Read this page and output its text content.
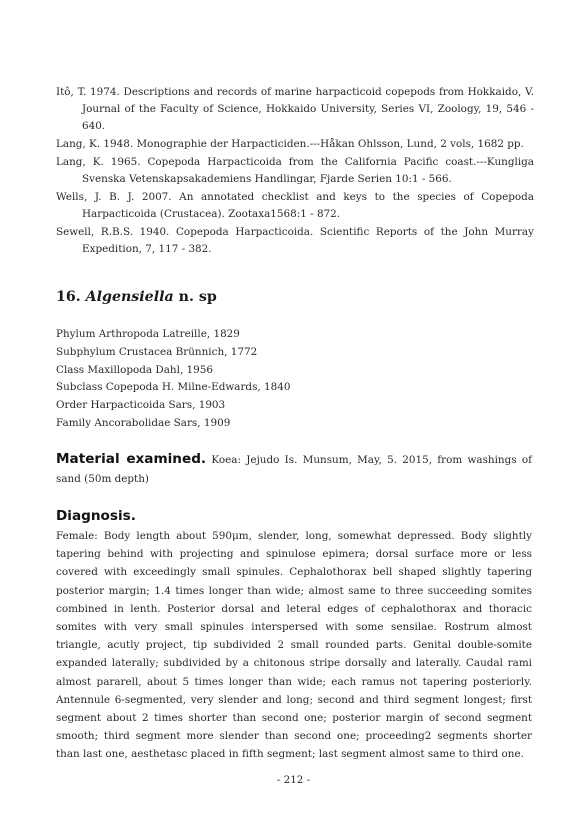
Itô, T. 1974. Descriptions and records of marine harpacticoid copepods from Hokkaido, V. Journal of the Faculty of Science, Hokkaido University, Series VI, Zoology, 19, 546 - 640.

Lang, K. 1948. Monographie der Harpacticiden.---Håkan Ohlsson, Lund, 2 vols, 1682 pp.

Lang, K. 1965. Copepoda Harpacticoida from the California Pacific coast.---Kungliga Svenska Vetenskapsakademiens Handlingar, Fjarde Serien 10:1 - 566.

Wells, J. B. J. 2007. An annotated checklist and keys to the species of Copepoda Harpacticoida (Crustacea). Zootaxa1568:1 - 872.

Sewell, R.B.S. 1940. Copepoda Harpacticoida. Scientific Reports of the John Murray Expedition, 7, 117 - 382.

16. Algensiella n. sp
Phylum Arthropoda Latreille, 1829
Subphylum Crustacea Brünnich, 1772
Class Maxillopoda Dahl, 1956
Subclass Copepoda H. Milne-Edwards, 1840
Order Harpacticoida Sars, 1903
Family Ancorabolidae Sars, 1909

Material examined. Koea: Jejudo Is. Munsum, May, 5. 2015, from washings of sand (50m depth)

Diagnosis.

Female: Body length about 590μm, slender, long, somewhat depressed. Body slightly tapering behind with projecting and spinulose epimera; dorsal surface more or less covered with exceedingly small spinules. Cephalothorax bell shaped slightly tapering posterior margin; 1.4 times longer than wide; almost same to three succeeding somites combined in lenth. Posterior dorsal and leteral edges of cephalothorax and thoracic somites with very small spinules interspersed with some sensilae. Rostrum almost triangle, acutly project, tip subdivided 2 small rounded parts. Genital double-somite expanded laterally; subdivided by a chitonous stripe dorsally and laterally. Caudal rami almost pararell, about 5 times longer than wide; each ramus not tapering posteriorly. Antennule 6-segmented, very slender and long; second and third segment longest; first segment about 2 times shorter than second one; posterior margin of second segment smooth; third segment more slender than second one; proceeding2 segments shorter than last one, aesthetasc placed in fifth segment; last segment almost same to third one.

- 212 -
